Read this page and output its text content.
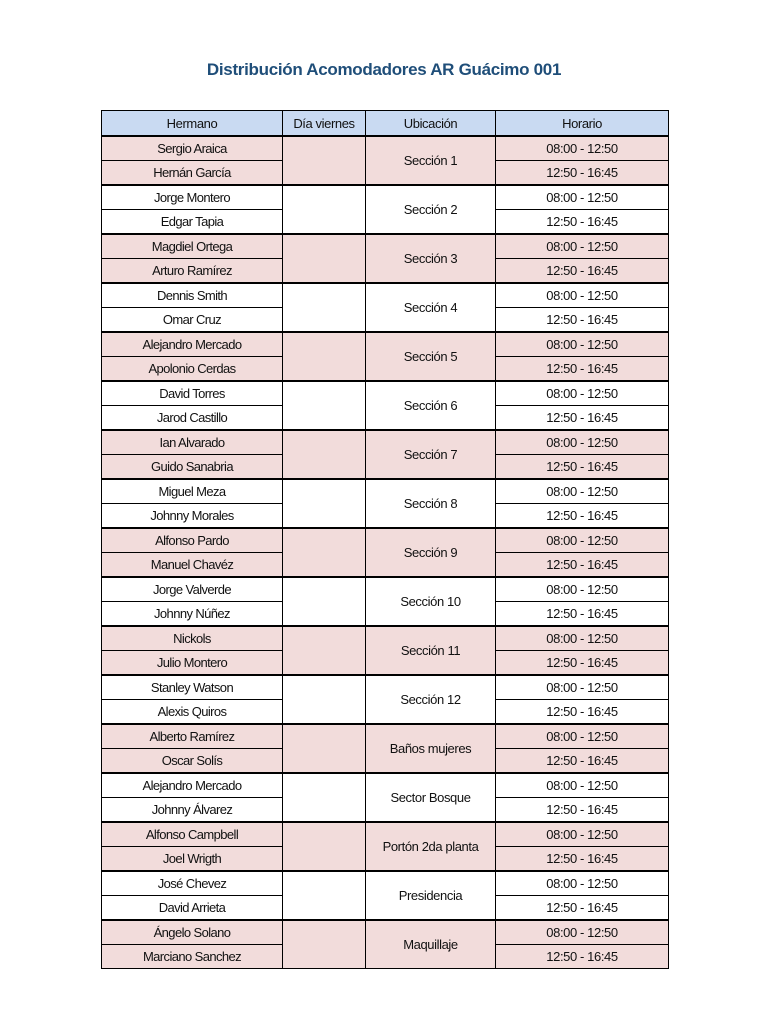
Distribución Acomodadores AR Guácimo 001
Hermano	Día viernes	Ubicación	Horario
Sergio Araica		Sección 1	08:00 - 12:50
Hernán García			12:50 - 16:45
Jorge Montero		Sección 2	08:00 - 12:50
Edgar Tapia			12:50 - 16:45
Magdiel Ortega		Sección 3	08:00 - 12:50
Arturo Ramírez			12:50 - 16:45
Dennis Smith		Sección 4	08:00 - 12:50
Omar Cruz			12:50 - 16:45
Alejandro Mercado		Sección 5	08:00 - 12:50
Apolonio Cerdas			12:50 - 16:45
David Torres		Sección 6	08:00 - 12:50
Jarod Castillo			12:50 - 16:45
Ian Alvarado		Sección 7	08:00 - 12:50
Guido Sanabria			12:50 - 16:45
Miguel Meza		Sección 8	08:00 - 12:50
Johnny Morales			12:50 - 16:45
Alfonso Pardo		Sección 9	08:00 - 12:50
Manuel Chavéz			12:50 - 16:45
Jorge Valverde		Sección 10	08:00 - 12:50
Johnny Núñez			12:50 - 16:45
Nickols		Sección 11	08:00 - 12:50
Julio Montero			12:50 - 16:45
Stanley Watson		Sección 12	08:00 - 12:50
Alexis Quiros			12:50 - 16:45
Alberto Ramírez		Baños mujeres	08:00 - 12:50
Oscar Solís			12:50 - 16:45
Alejandro Mercado		Sector Bosque	08:00 - 12:50
Johnny Álvarez			12:50 - 16:45
Alfonso Campbell		Portón 2da planta	08:00 - 12:50
Joel Wrigth			12:50 - 16:45
José Chevez		Presidencia	08:00 - 12:50
David Arrieta			12:50 - 16:45
Ángelo Solano		Maquillaje	08:00 - 12:50
Marciano Sanchez			12:50 - 16:45
